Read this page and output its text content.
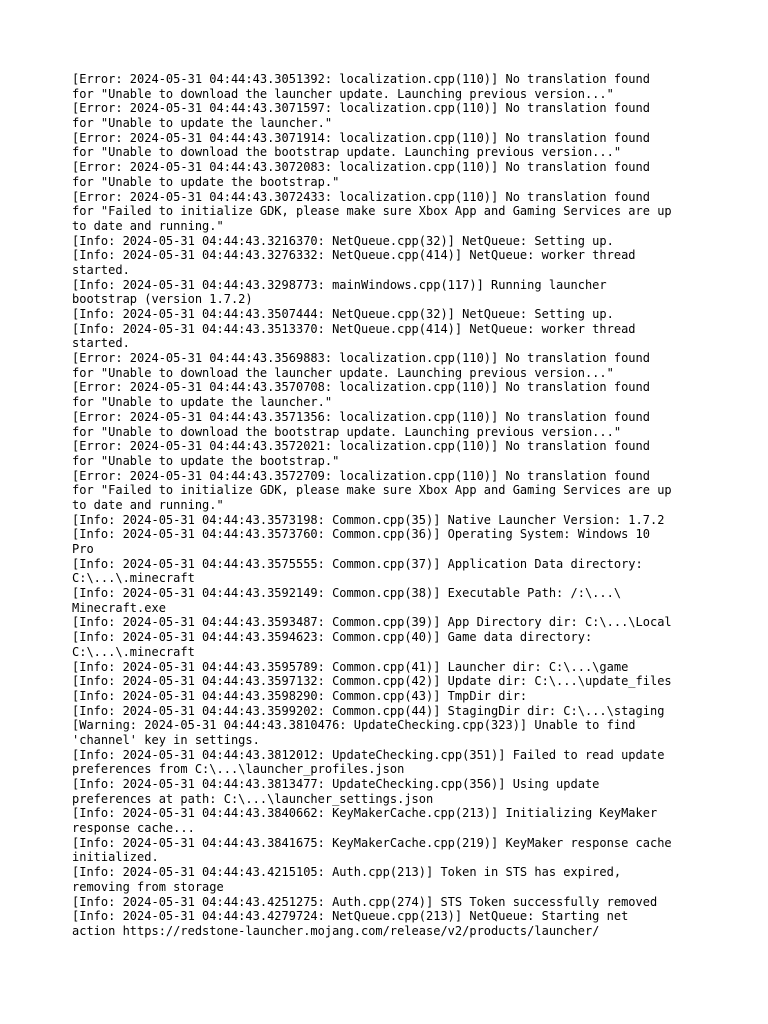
[Error: 2024-05-31 04:44:43.3051392: localization.cpp(110)] No translation found
for "Unable to download the launcher update. Launching previous version..."
[Error: 2024-05-31 04:44:43.3071597: localization.cpp(110)] No translation found
for "Unable to update the launcher."
[Error: 2024-05-31 04:44:43.3071914: localization.cpp(110)] No translation found
for "Unable to download the bootstrap update. Launching previous version..."
[Error: 2024-05-31 04:44:43.3072083: localization.cpp(110)] No translation found
for "Unable to update the bootstrap."
[Error: 2024-05-31 04:44:43.3072433: localization.cpp(110)] No translation found
for "Failed to initialize GDK, please make sure Xbox App and Gaming Services are up
to date and running."
[Info: 2024-05-31 04:44:43.3216370: NetQueue.cpp(32)] NetQueue: Setting up.
[Info: 2024-05-31 04:44:43.3276332: NetQueue.cpp(414)] NetQueue: worker thread
started.
[Info: 2024-05-31 04:44:43.3298773: mainWindows.cpp(117)] Running launcher
bootstrap (version 1.7.2)
[Info: 2024-05-31 04:44:43.3507444: NetQueue.cpp(32)] NetQueue: Setting up.
[Info: 2024-05-31 04:44:43.3513370: NetQueue.cpp(414)] NetQueue: worker thread
started.
[Error: 2024-05-31 04:44:43.3569883: localization.cpp(110)] No translation found
for "Unable to download the launcher update. Launching previous version..."
[Error: 2024-05-31 04:44:43.3570708: localization.cpp(110)] No translation found
for "Unable to update the launcher."
[Error: 2024-05-31 04:44:43.3571356: localization.cpp(110)] No translation found
for "Unable to download the bootstrap update. Launching previous version..."
[Error: 2024-05-31 04:44:43.3572021: localization.cpp(110)] No translation found
for "Unable to update the bootstrap."
[Error: 2024-05-31 04:44:43.3572709: localization.cpp(110)] No translation found
for "Failed to initialize GDK, please make sure Xbox App and Gaming Services are up
to date and running."
[Info: 2024-05-31 04:44:43.3573198: Common.cpp(35)] Native Launcher Version: 1.7.2
[Info: 2024-05-31 04:44:43.3573760: Common.cpp(36)] Operating System: Windows 10
Pro
[Info: 2024-05-31 04:44:43.3575555: Common.cpp(37)] Application Data directory:
C:\...\.minecraft
[Info: 2024-05-31 04:44:43.3592149: Common.cpp(38)] Executable Path: /:\...\
Minecraft.exe
[Info: 2024-05-31 04:44:43.3593487: Common.cpp(39)] App Directory dir: C:\...\Local
[Info: 2024-05-31 04:44:43.3594623: Common.cpp(40)] Game data directory:
C:\...\.minecraft
[Info: 2024-05-31 04:44:43.3595789: Common.cpp(41)] Launcher dir: C:\...\game
[Info: 2024-05-31 04:44:43.3597132: Common.cpp(42)] Update dir: C:\...\update_files
[Info: 2024-05-31 04:44:43.3598290: Common.cpp(43)] TmpDir dir:
[Info: 2024-05-31 04:44:43.3599202: Common.cpp(44)] StagingDir dir: C:\...\staging
[Warning: 2024-05-31 04:44:43.3810476: UpdateChecking.cpp(323)] Unable to find
'channel' key in settings.
[Info: 2024-05-31 04:44:43.3812012: UpdateChecking.cpp(351)] Failed to read update
preferences from C:\...\launcher_profiles.json
[Info: 2024-05-31 04:44:43.3813477: UpdateChecking.cpp(356)] Using update
preferences at path: C:\...\launcher_settings.json
[Info: 2024-05-31 04:44:43.3840662: KeyMakerCache.cpp(213)] Initializing KeyMaker
response cache...
[Info: 2024-05-31 04:44:43.3841675: KeyMakerCache.cpp(219)] KeyMaker response cache
initialized.
[Info: 2024-05-31 04:44:43.4215105: Auth.cpp(213)] Token in STS has expired,
removing from storage
[Info: 2024-05-31 04:44:43.4251275: Auth.cpp(274)] STS Token successfully removed
[Info: 2024-05-31 04:44:43.4279724: NetQueue.cpp(213)] NetQueue: Starting net
action https://redstone-launcher.mojang.com/release/v2/products/launcher/
